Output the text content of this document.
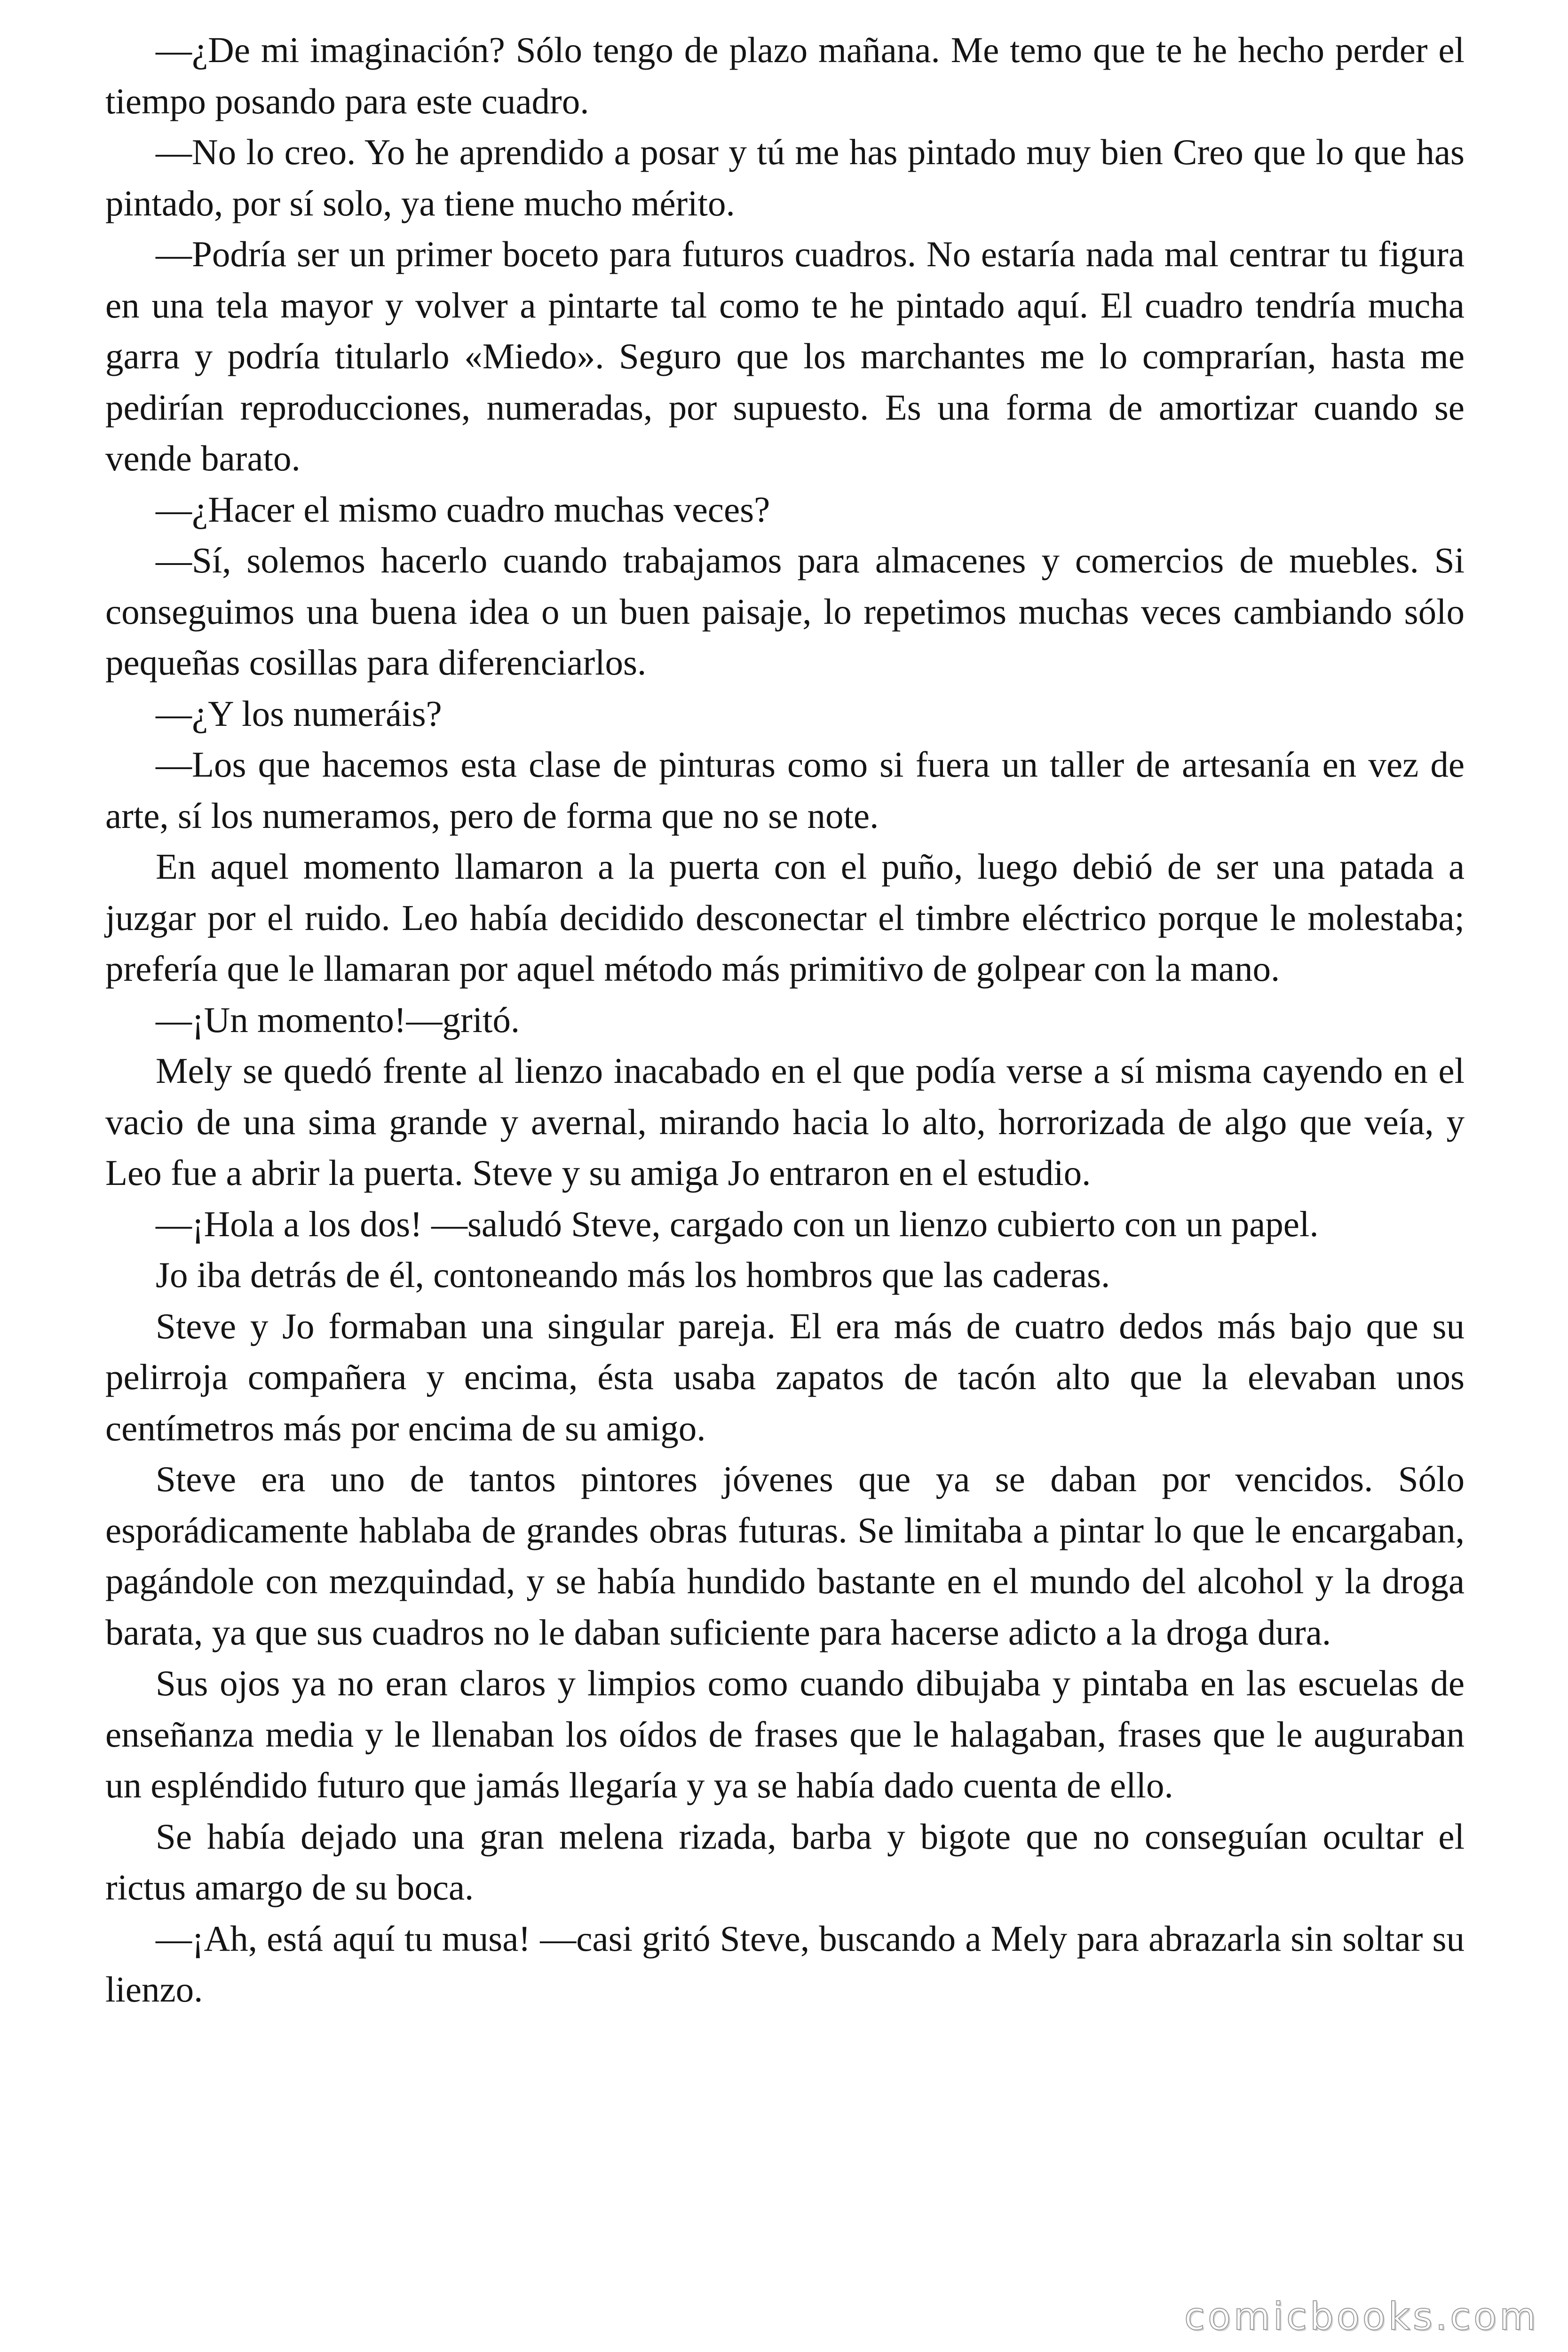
—¿De mi imaginación? Sólo tengo de plazo mañana. Me temo que te he hecho perder el tiempo posando para este cuadro.

—No lo creo. Yo he aprendido a posar y tú me has pintado muy bien Creo que lo que has pintado, por sí solo, ya tiene mucho mérito.

—Podría ser un primer boceto para futuros cuadros. No estaría nada mal centrar tu figura en una tela mayor y volver a pintarte tal como te he pintado aquí. El cuadro tendría mucha garra y podría titularlo «Miedo». Seguro que los marchantes me lo comprarían, hasta me pedirían reproducciones, numeradas, por supuesto. Es una forma de amortizar cuando se vende barato.

—¿Hacer el mismo cuadro muchas veces?

—Sí, solemos hacerlo cuando trabajamos para almacenes y comercios de muebles. Si conseguimos una buena idea o un buen paisaje, lo repetimos muchas veces cambiando sólo pequeñas cosillas para diferenciarlos.

—¿Y los numeráis?

—Los que hacemos esta clase de pinturas como si fuera un taller de artesanía en vez de arte, sí los numeramos, pero de forma que no se note.

En aquel momento llamaron a la puerta con el puño, luego debió de ser una patada a juzgar por el ruido. Leo había decidido desconectar el timbre eléctrico porque le molestaba; prefería que le llamaran por aquel método más primitivo de golpear con la mano.

—¡Un momento!—gritó.

Mely se quedó frente al lienzo inacabado en el que podía verse a sí misma cayendo en el vacio de una sima grande y avernal, mirando hacia lo alto, horrorizada de algo que veía, y Leo fue a abrir la puerta. Steve y su amiga Jo entraron en el estudio.

—¡Hola a los dos! —saludó Steve, cargado con un lienzo cubierto con un papel.

Jo iba detrás de él, contoneando más los hombros que las caderas.

Steve y Jo formaban una singular pareja. El era más de cuatro dedos más bajo que su pelirroja compañera y encima, ésta usaba zapatos de tacón alto que la elevaban unos centímetros más por encima de su amigo.

Steve era uno de tantos pintores jóvenes que ya se daban por vencidos. Sólo esporádicamente hablaba de grandes obras futuras. Se limitaba a pintar lo que le encargaban, pagándole con mezquindad, y se había hundido bastante en el mundo del alcohol y la droga barata, ya que sus cuadros no le daban suficiente para hacerse adicto a la droga dura.

Sus ojos ya no eran claros y limpios como cuando dibujaba y pintaba en las escuelas de enseñanza media y le llenaban los oídos de frases que le halagaban, frases que le auguraban un espléndido futuro que jamás llegaría y ya se había dado cuenta de ello.

Se había dejado una gran melena rizada, barba y bigote que no conseguían ocultar el rictus amargo de su boca.

—¡Ah, está aquí tu musa! —casi gritó Steve, buscando a Mely para abrazarla sin soltar su lienzo.

comicbooks.com
